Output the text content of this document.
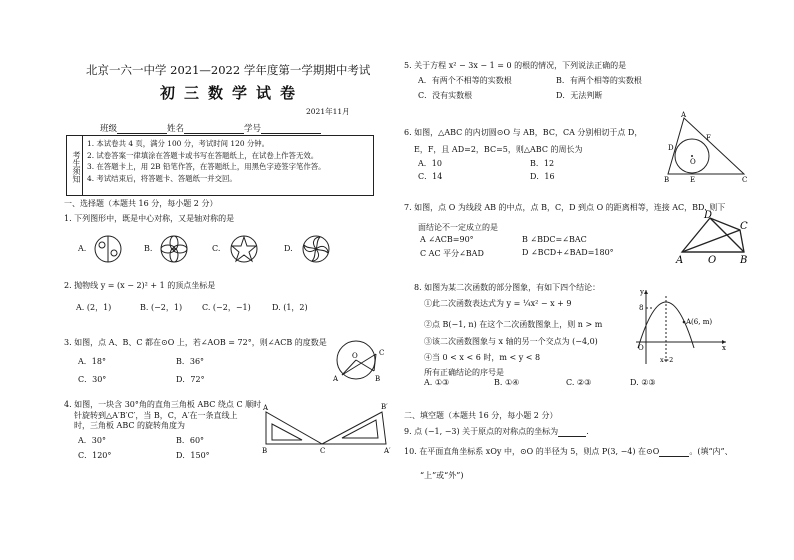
北京一六一中学 2021—2022 学年度第一学期期中考试
初三数学试卷
2021年11月
班级	姓名	学号
考生须知
1. 本试卷共 4 页，满分 100 分，考试时间 120 分钟。
2. 试卷答案一律填涂在答题卡或书写在答题纸上，在试卷上作答无效。
3. 在答题卡上，用 2B 铅笔作答，在答题纸上，用黑色字迹签字笔作答。
4. 考试结束后，将答题卡、答题纸一并交回。
一、选择题（本题共 16 分，每小题 2 分）
1. 下列图形中，既是中心对称，又是轴对称的是
A.	B.	C.	D.
2. 抛物线 y = (x − 2)² + 1 的顶点坐标是
A. (2，1)	B. (−2，1) C. (−2，−1)	D. (1，2)
3. 如图，点 A、B、C 都在⊙O 上，若∠AOB = 72°，则∠ACB 的度数是
A．18°	B．36°
C．30°	D．72°
C
O
A	B
4. 如图，一块含 30°角的直角三角板 ABC 绕点 C 顺时
针旋转到△A′B′C′，当 B，C，A′在一条直线上
时，三角板 ABC 的旋转角度为
A．30°	B．60°
C．120°	D．150°
A
B	C
B′
A′
5. 关于方程 x² − 3x − 1 = 0 的根的情况，下列说法正确的是
A．有两个不相等的实数根	B．有两个相等的实数根
C．没有实数根	D．无法判断
6. 如图，△ABC 的内切圆⊙O 与 AB，BC，CA 分别相切于点 D，
E，F，且 AD=2，BC=5，则△ABC 的周长为
A．10	B．12
C．14	D．16
A
F
D
O
B	E	C
7. 如图，点 O 为线段 AB 的中点，点 B，C，D 到点 O 的距离相等，连接 AC，BD. 则下
面结论不一定成立的是
A ∠ACB=90°	B ∠BDC=∠BAC
C AC 平分∠BAD	D ∠BCD+∠BAD=180°
D
C
A O B
8. 如图为某二次函数的部分图象，有如下四个结论：
①此二次函数表达式为 y = ¼x² − x + 9
②点 B(−1, n) 在这个二次函数图象上，则 n > m
③该二次函数图象与 x 轴的另一个交点为 (−4,0)
④当 0 < x < 6 时，m < y < 8
所有正确结论的序号是
A. ①③	B. ①④	C. ②③	D. ②③
y
8
A(6, m)
O	x
x=2
二、填空题（本题共 16 分，每小题 2 分）
9. 点 (−1, −3) 关于原点的对称点的坐标为	.
10. 在平面直角坐标系 xOy 中，⊙O 的半径为 5，则点 P(3, −4) 在⊙O	。(填“内”、
“上”或“外”)
